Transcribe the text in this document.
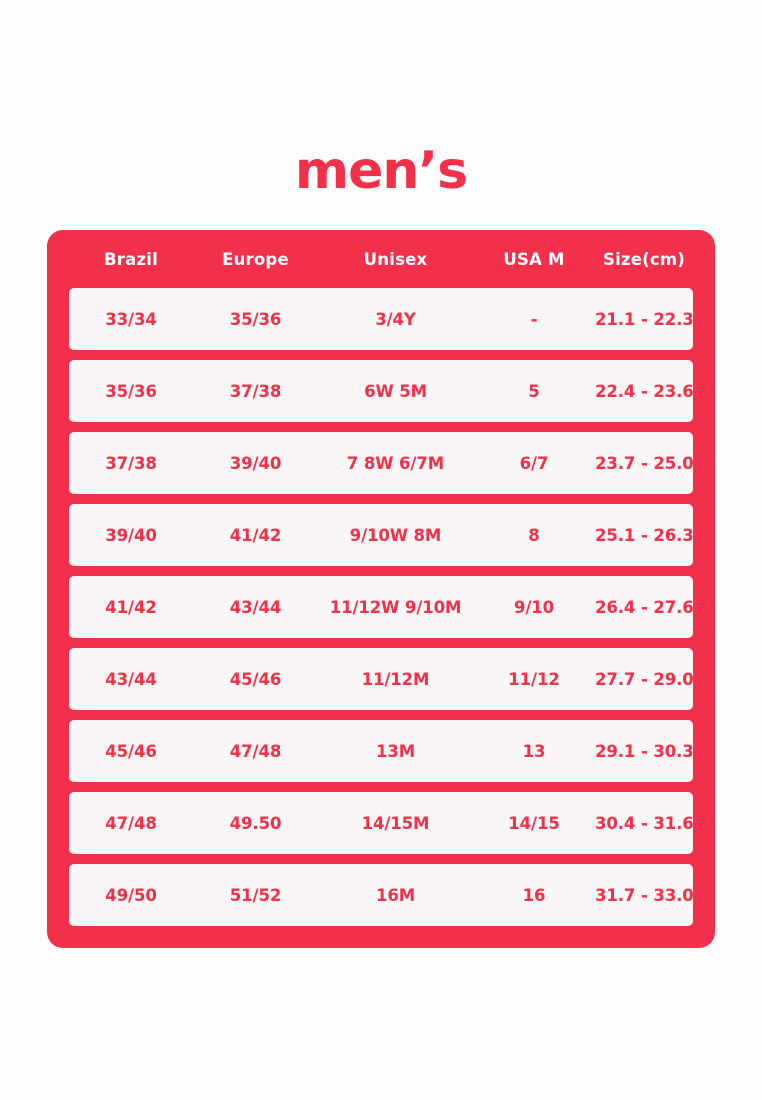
men’s
Brazil	Europe	Unisex	USA M	Size(cm)
33/34	35/36	3/4Y	-	21.1 - 22.3
35/36	37/38	6W 5M	5	22.4 - 23.6
37/38	39/40	7 8W 6/7M	6/7	23.7 - 25.0
39/40	41/42	9/10W 8M	8	25.1 - 26.3
41/42	43/44	11/12W 9/10M	9/10	26.4 - 27.6
43/44	45/46	11/12M	11/12	27.7 - 29.0
45/46	47/48	13M	13	29.1 - 30.3
47/48	49.50	14/15M	14/15	30.4 - 31.6
49/50	51/52	16M	16	31.7 - 33.0
